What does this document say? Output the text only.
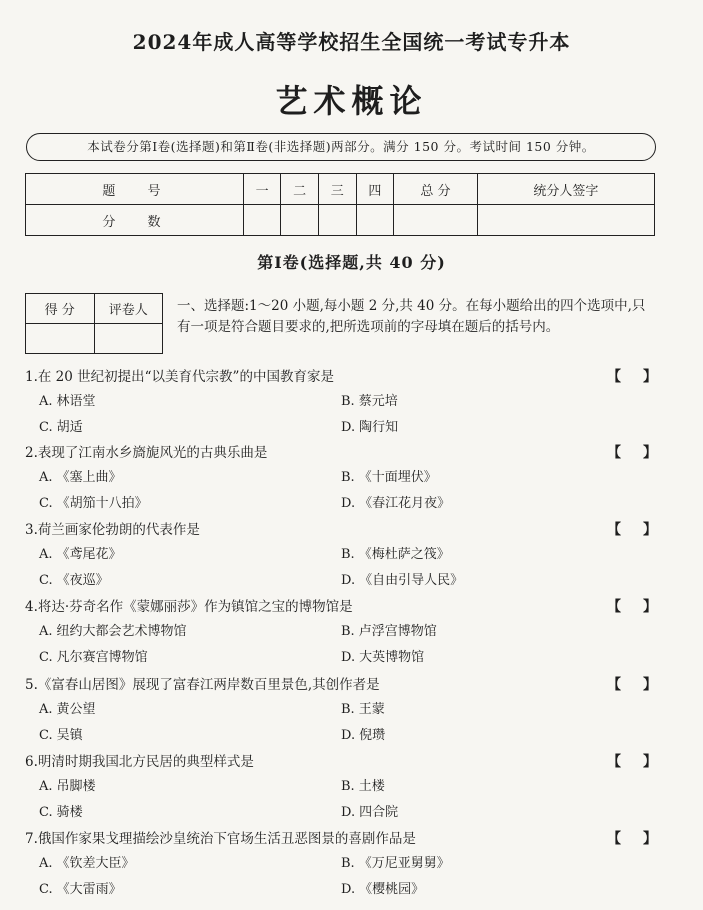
2024年成人高等学校招生全国统一考试专升本
艺术概论
本试卷分第Ⅰ卷(选择题)和第Ⅱ卷(非选择题)两部分。满分 150 分。考试时间 150 分钟。
题 号	一	二	三	四	总 分	统分人签字
分 数						
第Ⅰ卷(选择题,共 40 分)
得 分	评卷人
	一、选择题:1～20 小题,每小题 2 分,共 40 分。在每小题给出的四个选项中,只有一项是符合题目要求的,把所选项前的字母填在题后的括号内。
1.在 20 世纪初提出“以美育代宗教”的中国教育家是	【 】
A. 林语堂	B. 蔡元培
C. 胡适	D. 陶行知
2.表现了江南水乡旖旎风光的古典乐曲是	【 】
A. 《塞上曲》	B. 《十面埋伏》
C. 《胡笳十八拍》	D. 《春江花月夜》
3.荷兰画家伦勃朗的代表作是	【 】
A. 《鸢尾花》	B. 《梅杜萨之筏》
C. 《夜巡》	D. 《自由引导人民》
4.将达·芬奇名作《蒙娜丽莎》作为镇馆之宝的博物馆是	【 】
A. 纽约大都会艺术博物馆	B. 卢浮宫博物馆
C. 凡尔赛宫博物馆	D. 大英博物馆
5.《富春山居图》展现了富春江两岸数百里景色,其创作者是	【 】
A. 黄公望	B. 王蒙
C. 吴镇	D. 倪瓒
6.明清时期我国北方民居的典型样式是	【 】
A. 吊脚楼	B. 土楼
C. 骑楼	D. 四合院
7.俄国作家果戈理描绘沙皇统治下官场生活丑恶图景的喜剧作品是	【 】
A. 《钦差大臣》	B. 《万尼亚舅舅》
C. 《大雷雨》	D. 《樱桃园》
